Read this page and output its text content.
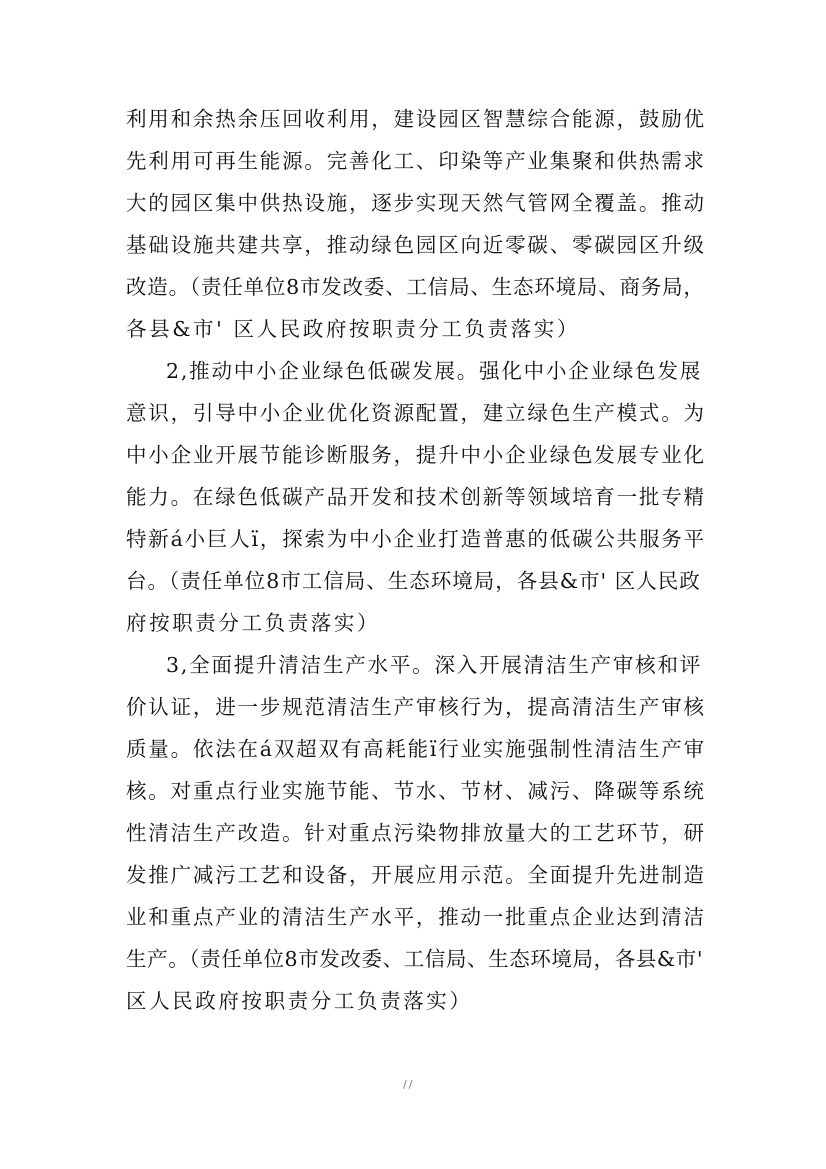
利用和余热余压回收利用，建设园区智慧综合能源，鼓励优
先利用可再生能源。完善化工、印染等产业集聚和供热需求
大的园区集中供热设施，逐步实现天然气管网全覆盖。推动
基础设施共建共享，推动绿色园区向近零碳、零碳园区升级
改造。（责任单位8市发改委、工信局、生态环境局、商务局，
各县&市' 区人民政府按职责分工负责落实）
2,推动中小企业绿色低碳发展。强化中小企业绿色发展
意识，引导中小企业优化资源配置，建立绿色生产模式。为
中小企业开展节能诊断服务，提升中小企业绿色发展专业化
能力。在绿色低碳产品开发和技术创新等领域培育一批专精
特新á小巨人ï，探索为中小企业打造普惠的低碳公共服务平
台。（责任单位8市工信局、生态环境局，各县&市' 区人民政
府按职责分工负责落实）
3,全面提升清洁生产水平。深入开展清洁生产审核和评
价认证，进一步规范清洁生产审核行为，提高清洁生产审核
质量。依法在á双超双有高耗能ï行业实施强制性清洁生产审
核。对重点行业实施节能、节水、节材、减污、降碳等系统
性清洁生产改造。针对重点污染物排放量大的工艺环节，研
发推广减污工艺和设备，开展应用示范。全面提升先进制造
业和重点产业的清洁生产水平，推动一批重点企业达到清洁
生产。（责任单位8市发改委、工信局、生态环境局，各县&市'
区人民政府按职责分工负责落实）
//
